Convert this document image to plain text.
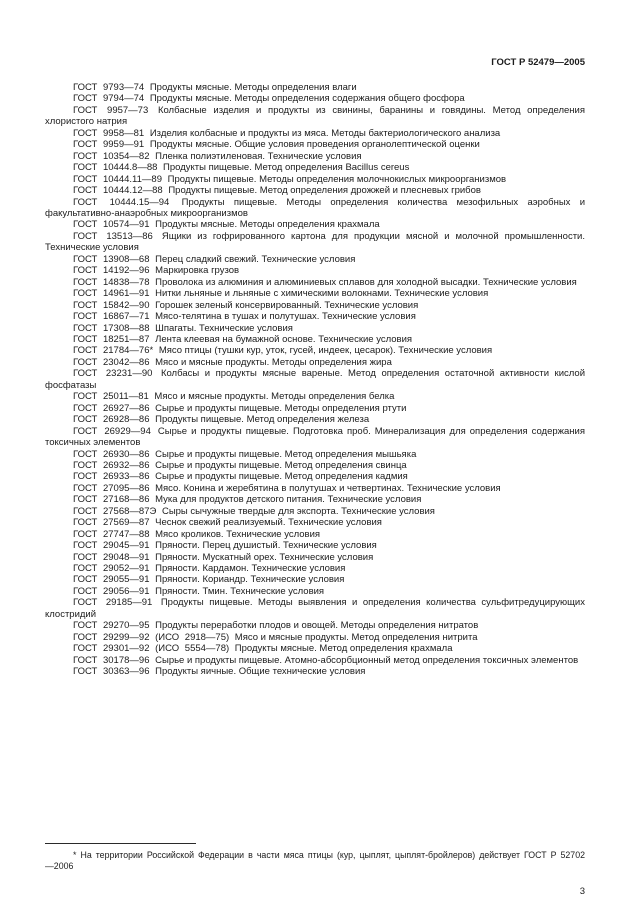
ГОСТ Р 52479—2005

ГОСТ 9793—74 Продукты мясные. Методы определения влаги

ГОСТ 9794—74 Продукты мясные. Методы определения содержания общего фосфора

ГОСТ 9957—73 Колбасные изделия и продукты из свинины, баранины и говядины. Метод определения хлористого натрия

ГОСТ 9958—81 Изделия колбасные и продукты из мяса. Методы бактериологического анализа

ГОСТ 9959—91 Продукты мясные. Общие условия проведения органолептической оценки

ГОСТ 10354—82 Пленка полиэтиленовая. Технические условия

ГОСТ 10444.8—88 Продукты пищевые. Метод определения Bacillus cereus

ГОСТ 10444.11—89 Продукты пищевые. Методы определения молочнокислых микроорганизмов

ГОСТ 10444.12—88 Продукты пищевые. Метод определения дрожжей и плесневых грибов

ГОСТ 10444.15—94 Продукты пищевые. Методы определения количества мезофильных аэробных и факультативно-анаэробных микроорганизмов

ГОСТ 10574—91 Продукты мясные. Методы определения крахмала

ГОСТ 13513—86 Ящики из гофрированного картона для продукции мясной и молочной промышленности. Технические условия

ГОСТ 13908—68 Перец сладкий свежий. Технические условия

ГОСТ 14192—96 Маркировка грузов

ГОСТ 14838—78 Проволока из алюминия и алюминиевых сплавов для холодной высадки. Технические условия

ГОСТ 14961—91 Нитки льняные и льняные с химическими волокнами. Технические условия

ГОСТ 15842—90 Горошек зеленый консервированный. Технические условия

ГОСТ 16867—71 Мясо-телятина в тушах и полутушах. Технические условия

ГОСТ 17308—88 Шпагаты. Технические условия

ГОСТ 18251—87 Лента клеевая на бумажной основе. Технические условия

ГОСТ 21784—76* Мясо птицы (тушки кур, уток, гусей, индеек, цесарок). Технические условия

ГОСТ 23042—86 Мясо и мясные продукты. Методы определения жира

ГОСТ 23231—90 Колбасы и продукты мясные вареные. Метод определения остаточной активности кислой фосфатазы

ГОСТ 25011—81 Мясо и мясные продукты. Методы определения белка

ГОСТ 26927—86 Сырье и продукты пищевые. Методы определения ртути

ГОСТ 26928—86 Продукты пищевые. Метод определения железа

ГОСТ 26929—94 Сырье и продукты пищевые. Подготовка проб. Минерализация для определения содержания токсичных элементов

ГОСТ 26930—86 Сырье и продукты пищевые. Метод определения мышьяка

ГОСТ 26932—86 Сырье и продукты пищевые. Метод определения свинца

ГОСТ 26933—86 Сырье и продукты пищевые. Метод определения кадмия

ГОСТ 27095—86 Мясо. Конина и жеребятина в полутушах и четвертинах. Технические условия

ГОСТ 27168—86 Мука для продуктов детского питания. Технические условия

ГОСТ 27568—87Э Сыры сычужные твердые для экспорта. Технические условия

ГОСТ 27569—87 Чеснок свежий реализуемый. Технические условия

ГОСТ 27747—88 Мясо кроликов. Технические условия

ГОСТ 29045—91 Пряности. Перец душистый. Технические условия

ГОСТ 29048—91 Пряности. Мускатный орех. Технические условия

ГОСТ 29052—91 Пряности. Кардамон. Технические условия

ГОСТ 29055—91 Пряности. Кориандр. Технические условия

ГОСТ 29056—91 Пряности. Тмин. Технические условия

ГОСТ 29185—91 Продукты пищевые. Методы выявления и определения количества сульфитредуцирующих клостридий

ГОСТ 29270—95 Продукты переработки плодов и овощей. Методы определения нитратов

ГОСТ 29299—92 (ИСО 2918—75) Мясо и мясные продукты. Метод определения нитрита

ГОСТ 29301—92 (ИСО 5554—78) Продукты мясные. Метод определения крахмала

ГОСТ 30178—96 Сырье и продукты пищевые. Атомно-абсорбционный метод определения токсичных элементов

ГОСТ 30363—96 Продукты яичные. Общие технические условия

* На территории Российской Федерации в части мяса птицы (кур, цыплят, цыплят-бройлеров) действует ГОСТ Р 52702—2006

3
